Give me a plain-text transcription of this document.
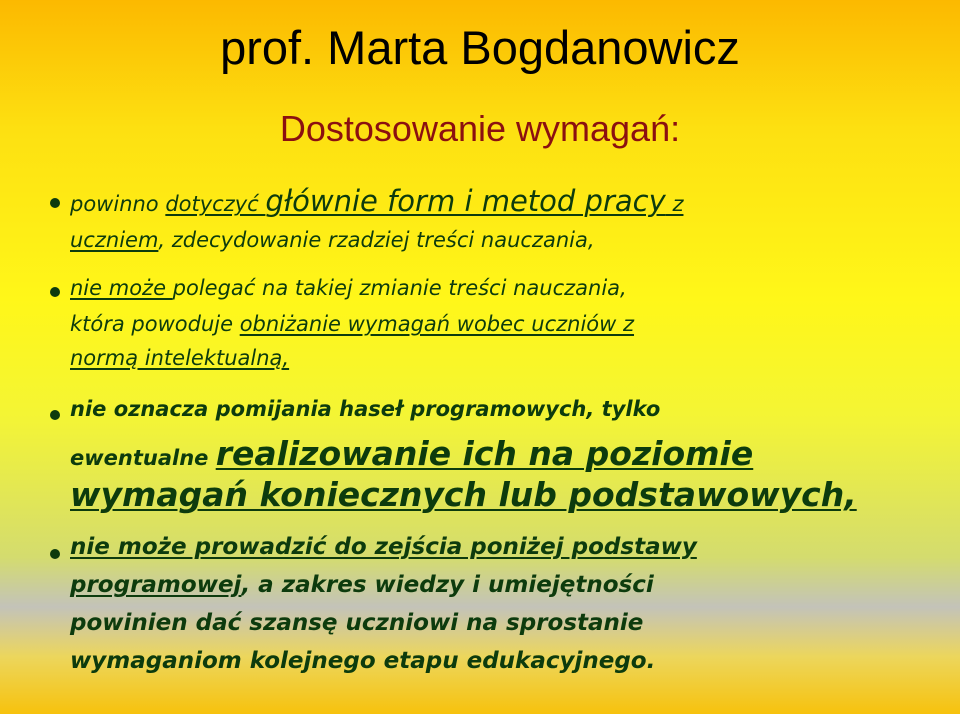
prof. Marta Bogdanowicz
Dostosowanie wymagań:
powinno dotyczyć głównie form i metod pracy z
uczniem, zdecydowanie rzadziej treści nauczania,
nie może polegać na takiej zmianie treści nauczania,
która powoduje obniżanie wymagań wobec uczniów z
normą intelektualną,
nie oznacza pomijania haseł programowych, tylko
ewentualne realizowanie ich na poziomie
wymagań koniecznych lub podstawowych,
nie może prowadzić do zejścia poniżej podstawy
programowej, a zakres wiedzy i umiejętności
powinien dać szansę uczniowi na sprostanie
wymaganiom kolejnego etapu edukacyjnego.
